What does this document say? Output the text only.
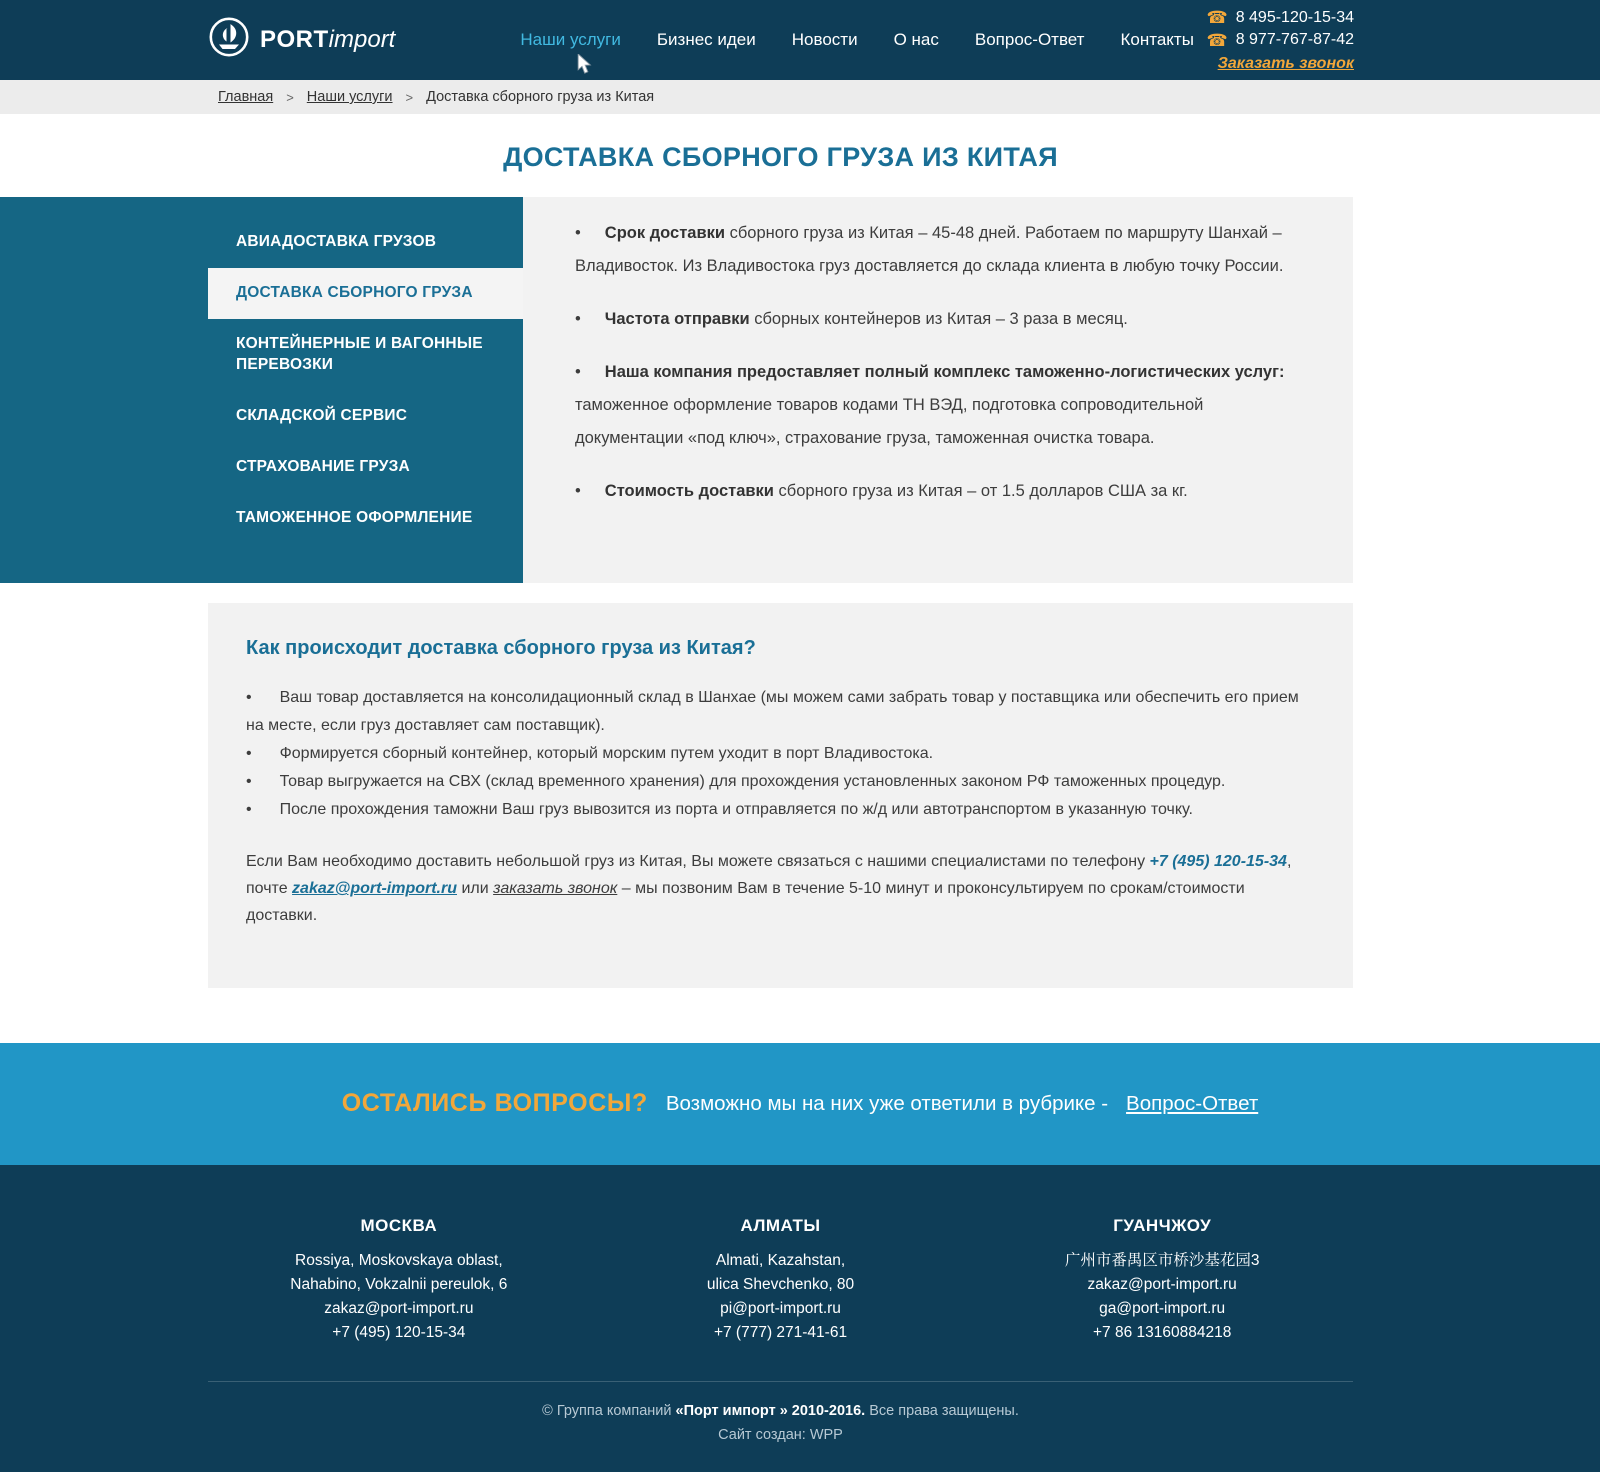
PORTimport	Наши услуги Бизнес идеи Новости О нас Вопрос-Ответ Контакты
☎ 8 495-120-15-34
☎ 8 977-767-87-42
Заказать звонок
Главная
> Наши услуги
> Доставка сборного груза из Китая
ДОСТАВКА СБОРНОГО ГРУЗА ИЗ КИТАЯ
АВИАДОСТАВКА ГРУЗОВ
ДОСТАВКА СБОРНОГО ГРУЗА
КОНТЕЙНЕРНЫЕ И ВАГОННЫЕ ПЕРЕВОЗКИ
СКЛАДСКОЙ СЕРВИС
СТРАХОВАНИЕ ГРУЗА
ТАМОЖЕННОЕ ОФОРМЛЕНИЕ

• Срок доставки сборного груза из Китая – 45-48 дней. Работаем по маршруту Шанхай – Владивосток. Из Владивостока груз доставляется до склада клиента в любую точку России.

• Частота отправки сборных контейнеров из Китая – 3 раза в месяц.

• Наша компания предоставляет полный комплекс таможенно-логистических услуг: таможенное оформление товаров кодами ТН ВЭД, подготовка сопроводительной документации «под ключ», страхование груза, таможенная очистка товара.

• Стоимость доставки сборного груза из Китая – от 1.5 долларов США за кг.

Как происходит доставка сборного груза из Китая?

• Ваш товар доставляется на консолидационный склад в Шанхае (мы можем сами забрать товар у поставщика или обеспечить его прием на месте, если груз доставляет сам поставщик).

• Формируется сборный контейнер, который морским путем уходит в порт Владивостока.

• Товар выгружается на СВХ (склад временного хранения) для прохождения установленных законом РФ таможенных процедур.

• После прохождения таможни Ваш груз вывозится из порта и отправляется по ж/д или автотранспортом в указанную точку.

Если Вам необходимо доставить небольшой груз из Китая, Вы можете связаться с нашими специалистами по телефону +7 (495) 120-15-34, почте zakaz@port-import.ru или заказать звонок – мы позвоним Вам в течение 5-10 минут и проконсультируем по срокам/стоимости доставки.

ОСТАЛИСЬ ВОПРОСЫ? Возможно мы на них уже ответили в рубрике - Вопрос-Ответ
МОСКВА
Rossiya, Moskovskaya oblast,
Nahabino, Vokzalnii pereulok, 6
zakaz@port-import.ru
+7 (495) 120-15-34
АЛМАТЫ
Almati, Kazahstan,
ulica Shevchenko, 80
pi@port-import.ru
+7 (777) 271-41-61
ГУАНЧЖОУ
广州市番禺区市桥沙基花园3
zakaz@port-import.ru
ga@port-import.ru
+7 86 13160884218
© Группа компаний «Порт импорт » 2010-2016. Все права защищены.
Сайт создан: WPP
